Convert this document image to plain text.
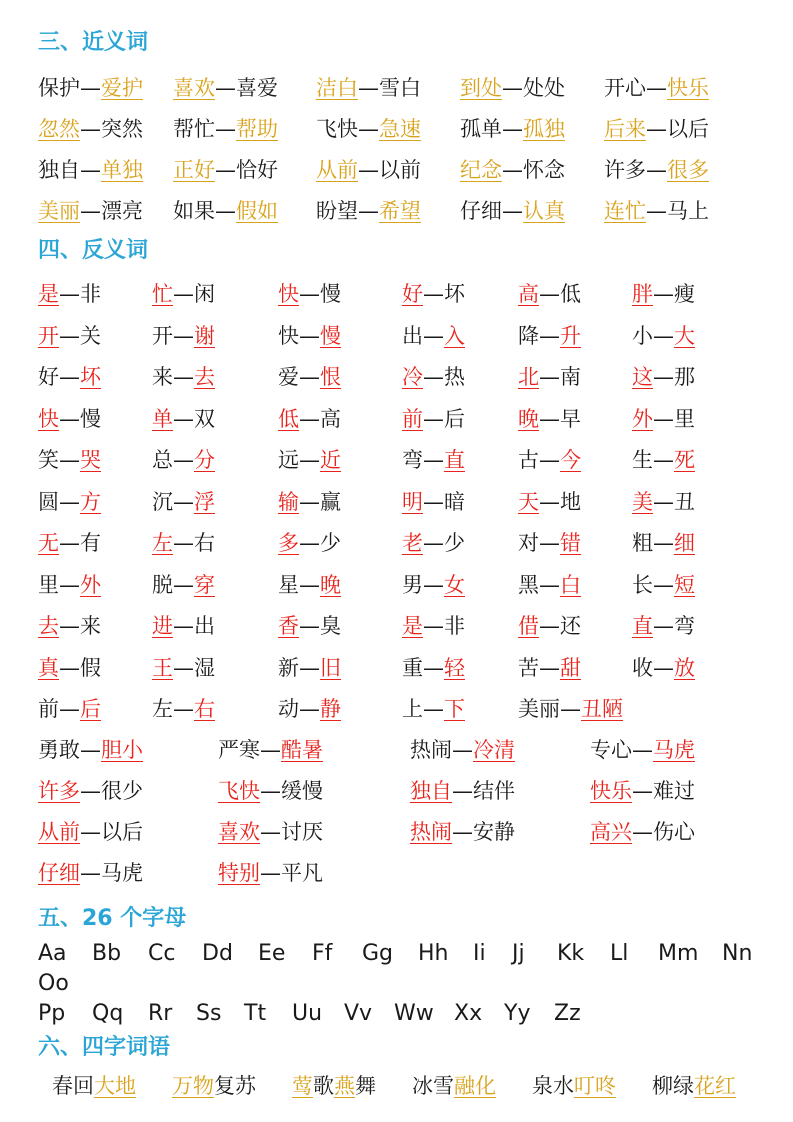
三、近义词
保护—爱护 喜欢—喜爱 洁白—雪白 到处—处处 开心—快乐
忽然—突然 帮忙—帮助 飞快—急速 孤单—孤独 后来—以后
独自—单独 正好—恰好 从前—以前 纪念—怀念 许多—很多
美丽—漂亮 如果—假如 盼望—希望 仔细—认真 连忙—马上
四、反义词
是—非 忙—闲	快—慢	好—坏	高—低 胖—瘦
开—关 开—谢	快—慢	出—入	降—升 小—大
好—坏 来—去	爱—恨	冷—热	北—南 这—那
快—慢 单—双	低—高	前—后	晚—早 外—里
笑—哭 总—分	远—近	弯—直	古—今 生—死
圆—方 沉—浮	输—赢	明—暗	天—地 美—丑
无—有 左—右	多—少	老—少	对—错 粗—细
里—外 脱—穿	星—晚	男—女	黑—白 长—短
去—来 进—出	香—臭	是—非	借—还 直—弯
真—假 王—湿	新—旧	重—轻	苦—甜 收—放
前—后 左—右	动—静	上—下	美丽—丑陋
勇敢—胆小	严寒—酷暑	热闹—冷清	专心—马虎
许多—很少	飞快—缓慢	独自—结伴	快乐—难过
从前—以后	喜欢—讨厌	热闹—安静	高兴—伤心
仔细—马虎	特别—平凡
五、26 个字母
Aa Bb Cc Dd Ee Ff Gg Hh Ii Jj Kk Ll Mm Nn
Oo
Pp Qq Rr Ss Tt Uu Vv Ww Xx Yy Zz
六、四字词语
春回大地 万物复苏 莺歌燕舞 冰雪融化 泉水叮咚 柳绿花红
